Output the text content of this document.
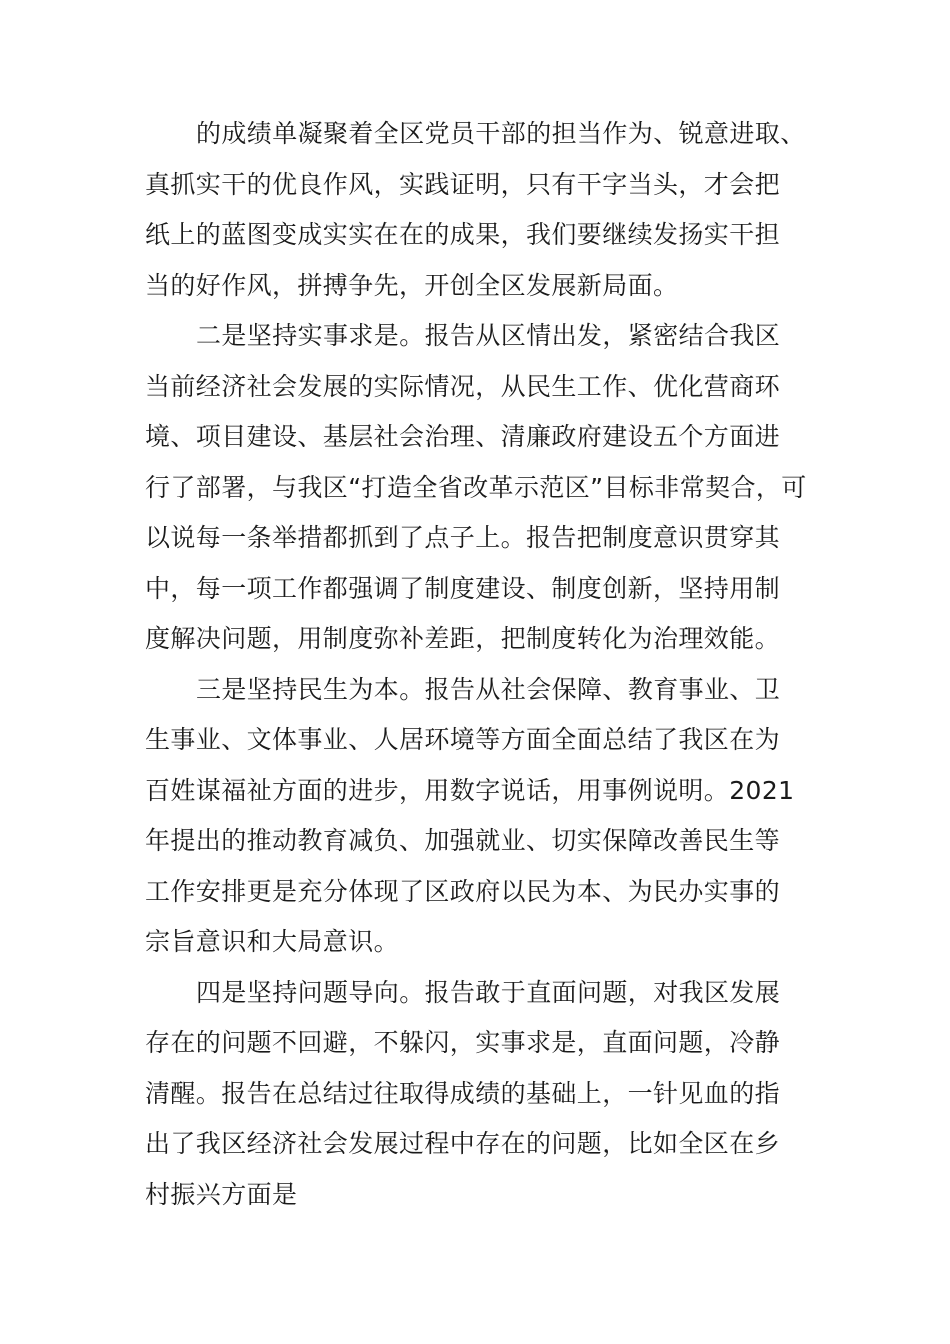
的成绩单凝聚着全区党员干部的担当作为、锐意进取、
真抓实干的优良作风，实践证明，只有干字当头，才会把
纸上的蓝图变成实实在在的成果，我们要继续发扬实干担
当的好作风，拼搏争先，开创全区发展新局面。
二是坚持实事求是。报告从区情出发，紧密结合我区
当前经济社会发展的实际情况，从民生工作、优化营商环
境、项目建设、基层社会治理、清廉政府建设五个方面进
行了部署，与我区“打造全省改革示范区”目标非常契合，可
以说每一条举措都抓到了点子上。报告把制度意识贯穿其
中，每一项工作都强调了制度建设、制度创新，坚持用制
度解决问题，用制度弥补差距，把制度转化为治理效能。
三是坚持民生为本。报告从社会保障、教育事业、卫
生事业、文体事业、人居环境等方面全面总结了我区在为
百姓谋福祉方面的进步，用数字说话，用事例说明。2021
年提出的推动教育减负、加强就业、切实保障改善民生等
工作安排更是充分体现了区政府以民为本、为民办实事的
宗旨意识和大局意识。
四是坚持问题导向。报告敢于直面问题，对我区发展
存在的问题不回避，不躲闪，实事求是，直面问题，冷静
清醒。报告在总结过往取得成绩的基础上，一针见血的指
出了我区经济社会发展过程中存在的问题，比如全区在乡
村振兴方面是
